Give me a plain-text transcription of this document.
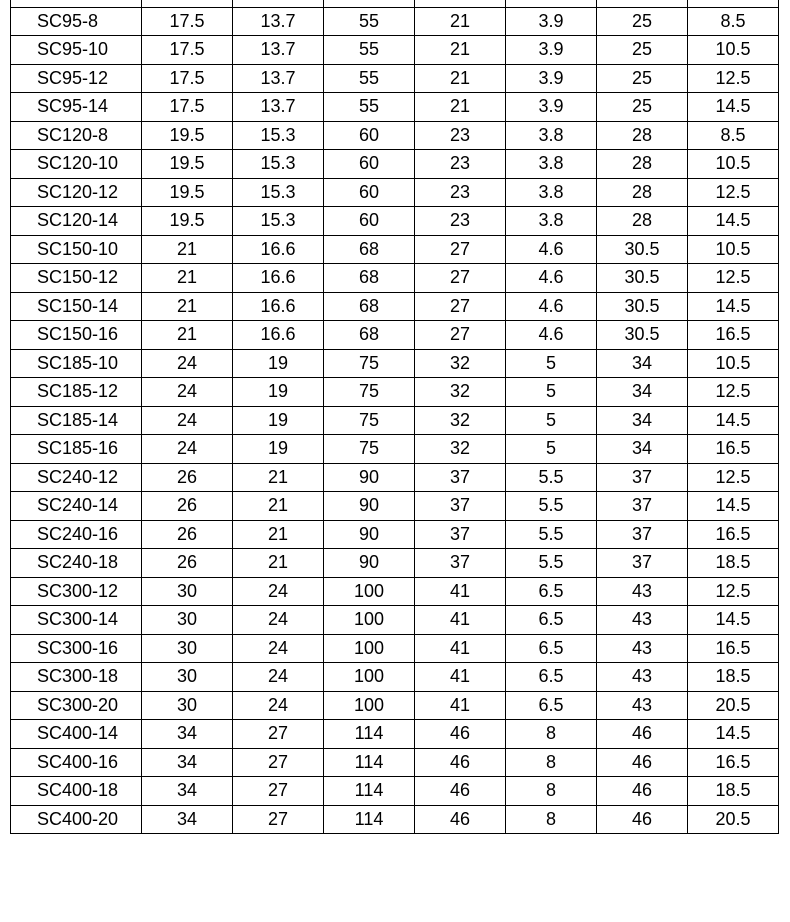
SC95-8	17.5	13.7	55	21	3.9	25	8.5
SC95-10	17.5	13.7	55	21	3.9	25	10.5
SC95-12	17.5	13.7	55	21	3.9	25	12.5
SC95-14	17.5	13.7	55	21	3.9	25	14.5
SC120-8	19.5	15.3	60	23	3.8	28	8.5
SC120-10	19.5	15.3	60	23	3.8	28	10.5
SC120-12	19.5	15.3	60	23	3.8	28	12.5
SC120-14	19.5	15.3	60	23	3.8	28	14.5
SC150-10	21	16.6	68	27	4.6	30.5	10.5
SC150-12	21	16.6	68	27	4.6	30.5	12.5
SC150-14	21	16.6	68	27	4.6	30.5	14.5
SC150-16	21	16.6	68	27	4.6	30.5	16.5
SC185-10	24	19	75	32	5	34	10.5
SC185-12	24	19	75	32	5	34	12.5
SC185-14	24	19	75	32	5	34	14.5
SC185-16	24	19	75	32	5	34	16.5
SC240-12	26	21	90	37	5.5	37	12.5
SC240-14	26	21	90	37	5.5	37	14.5
SC240-16	26	21	90	37	5.5	37	16.5
SC240-18	26	21	90	37	5.5	37	18.5
SC300-12	30	24	100	41	6.5	43	12.5
SC300-14	30	24	100	41	6.5	43	14.5
SC300-16	30	24	100	41	6.5	43	16.5
SC300-18	30	24	100	41	6.5	43	18.5
SC300-20	30	24	100	41	6.5	43	20.5
SC400-14	34	27	114	46	8	46	14.5
SC400-16	34	27	114	46	8	46	16.5
SC400-18	34	27	114	46	8	46	18.5
SC400-20	34	27	114	46	8	46	20.5
